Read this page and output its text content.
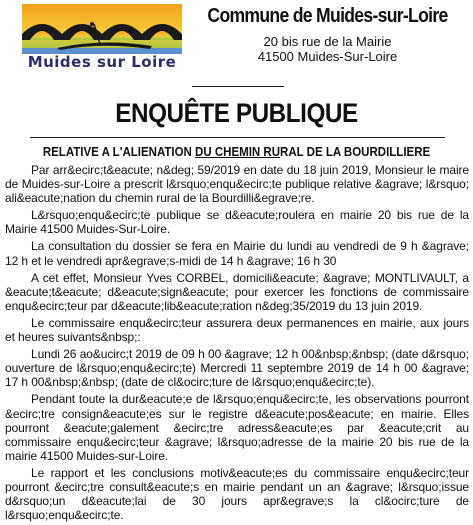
Muides sur Loire
Commune de Muides-sur-Loire
20 bis rue de la Mairie
41500 Muides-Sur-Loire
ENQUÊTE PUBLIQUE
RELATIVE A L'ALIENATION DU CHEMIN RURAL DE LA BOURDILLIERE

Par arr&ecirc;t&eacute; n&deg; 59/2019 en date du 18 juin 2019, Monsieur le maire de Muides-sur-Loire a prescrit l&rsquo;enqu&ecirc;te publique relative &agrave; l&rsquo; ali&eacute;nation du chemin rural de la Bourdilli&egrave;re.

L&rsquo;enqu&ecirc;te publique se d&eacute;roulera en mairie 20 bis rue de la Mairie 41500 Muides-Sur-Loire.

La consultation du dossier se fera en Mairie du lundi au vendredi de 9 h &agrave; 12 h et le vendredi apr&egrave;s-midi de 14 h &agrave; 16 h 30

A cet effet, Monsieur Yves CORBEL, domicili&eacute; &agrave; MONTLIVAULT, a &eacute;t&eacute; d&eacute;sign&eacute; pour exercer les fonctions de commissaire enqu&ecirc;teur par d&eacute;lib&eacute;ration n&deg;35/2019 du 13 juin 2019.

Le commissaire enqu&ecirc;teur assurera deux permanences en mairie, aux jours et heures suivants&nbsp;:

Lundi 26 ao&ucirc;t 2019 de 09 h 00 &agrave; 12 h 00&nbsp;&nbsp; (date d&rsquo; ouverture de l&rsquo;enqu&ecirc;te) Mercredi 11 septembre 2019 de 14 h 00 &agrave; 17 h 00&nbsp;&nbsp; (date de cl&ocirc;ture de l&rsquo;enqu&ecirc;te).

Pendant toute la dur&eacute;e de l&rsquo;enqu&ecirc;te, les observations pourront &ecirc;tre consign&eacute;es sur le registre d&eacute;pos&eacute; en mairie. Elles pourront &eacute;galement &ecirc;tre adress&eacute;es par &eacute;crit au commissaire enqu&ecirc;teur &agrave; l&rsquo;adresse de la mairie 20 bis rue de la mairie 41500 Muides-sur-Loire.

Le rapport et les conclusions motiv&eacute;es du commissaire enqu&ecirc;teur pourront &ecirc;tre consult&eacute;s en mairie pendant un an &agrave; l&rsquo;issue d&rsquo;un d&eacute;lai de 30 jours apr&egrave;s la cl&ocirc;ture de l&rsquo;enqu&ecirc;te.
